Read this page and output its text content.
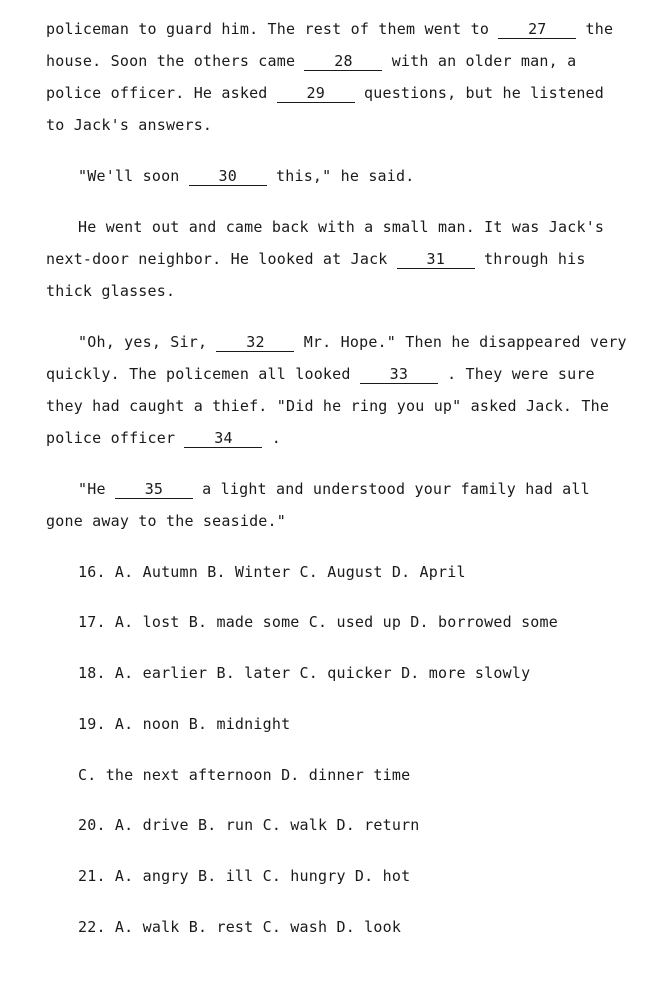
policeman to guard him. The rest of them went to 27 the
house. Soon the others came 28 with an older man, a
police officer. He asked 29 questions, but he listened
to Jack's answers.
"We'll soon 30 this," he said.
He went out and came back with a small man. It was Jack's
next-door neighbor. He looked at Jack 31 through his
thick glasses.
"Oh, yes, Sir, 32 Mr. Hope." Then he disappeared very
quickly. The policemen all looked 33 . They were sure
they had caught a thief. "Did he ring you up" asked Jack. The
police officer 34 .
"He 35 a light and understood your family had all
gone away to the seaside."
16. A. Autumn B. Winter C. August D. April
17. A. lost B. made some C. used up D. borrowed some
18. A. earlier B. later C. quicker D. more slowly
19. A. noon B. midnight
C. the next afternoon D. dinner time
20. A. drive B. run C. walk D. return
21. A. angry B. ill C. hungry D. hot
22. A. walk B. rest C. wash D. look
